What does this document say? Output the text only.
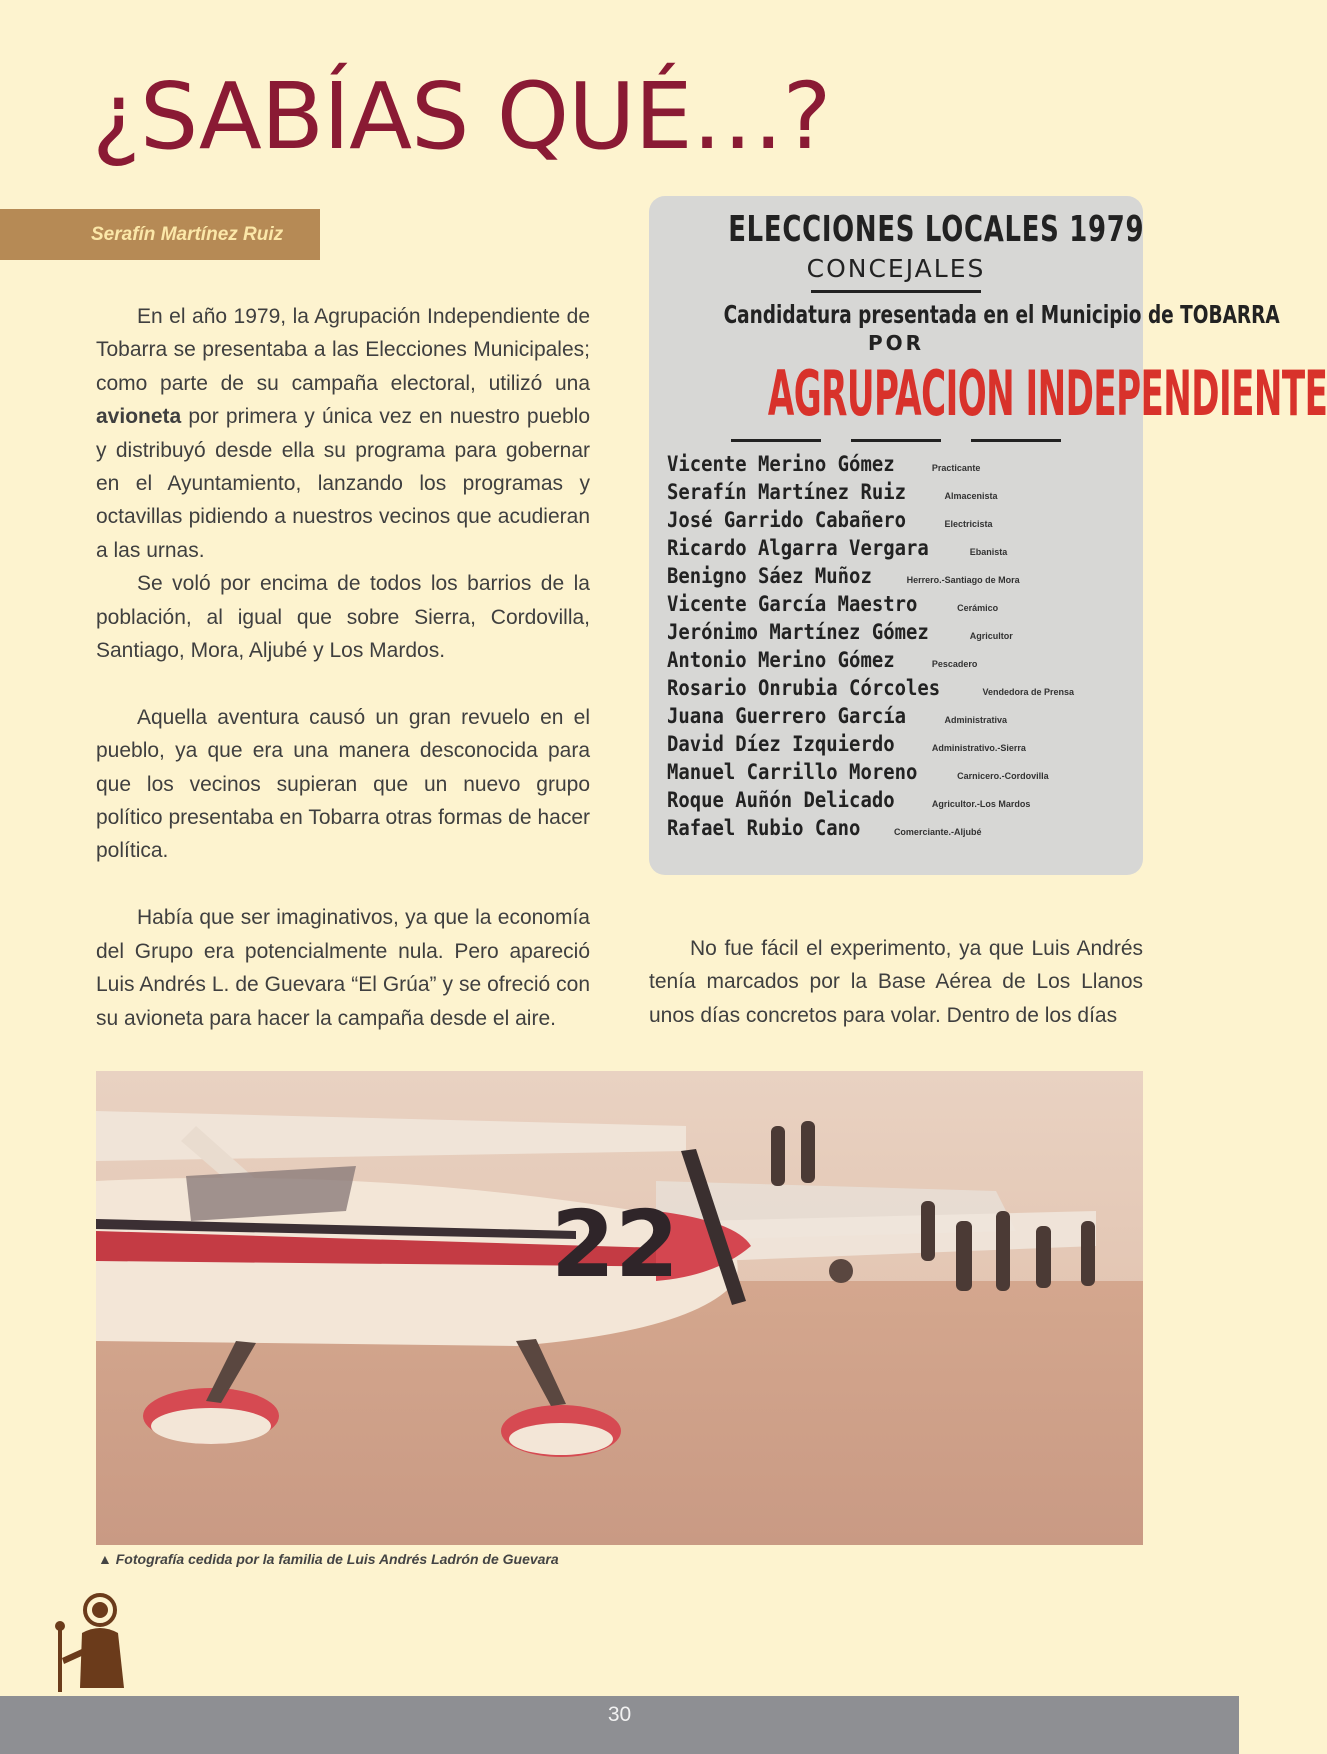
¿SABÍAS QUÉ…?
Serafín Martínez Ruiz

En el año 1979, la Agrupación Independiente de Tobarra se presentaba a las Elecciones Municipales; como parte de su campaña electoral, utilizó una avioneta por primera y única vez en nuestro pueblo y distribuyó desde ella su programa para gobernar en el Ayuntamiento, lanzando los programas y octavillas pidiendo a nuestros vecinos que acudieran a las urnas.

Se voló por encima de todos los barrios de la población, al igual que sobre Sierra, Cordovilla, Santiago, Mora, Aljubé y Los Mardos.

Aquella aventura causó un gran revuelo en el pueblo, ya que era una manera desconocida para que los vecinos supieran que un nuevo grupo político presentaba en Tobarra otras formas de hacer política.

Había que ser imaginativos, ya que la economía del Grupo era potencialmente nula. Pero apareció Luis Andrés L. de Guevara “El Grúa” y se ofreció con su avioneta para hacer la campaña desde el aire.

ELECCIONES LOCALES 1979

CONCEJALES

Candidatura presentada en el Municipio de TOBARRA

POR

AGRUPACION INDEPENDIENTE

Vicente Merino Gómez	Practicante
Serafín Martínez Ruiz	Almacenista
José Garrido Cabañero	Electricista
Ricardo Algarra Vergara	Ebanista
Benigno Sáez Muñoz	Herrero.-Santiago de Mora
Vicente García Maestro	Cerámico
Jerónimo Martínez Gómez	Agricultor
Antonio Merino Gómez	Pescadero
Rosario Onrubia Córcoles	Vendedora de Prensa
Juana Guerrero García	Administrativa
David Díez Izquierdo	Administrativo.-Sierra
Manuel Carrillo Moreno	Carnicero.-Cordovilla
Roque Auñón Delicado	Agricultor.-Los Mardos
Rafael Rubio Cano	Comerciante.-Aljubé

No fue fácil el experimento, ya que Luis Andrés tenía marcados por la Base Aérea de Los Llanos unos días concretos para volar. Dentro de los días

22

▲ Fotografía cedida por la familia de Luis Andrés Ladrón de Guevara

30
